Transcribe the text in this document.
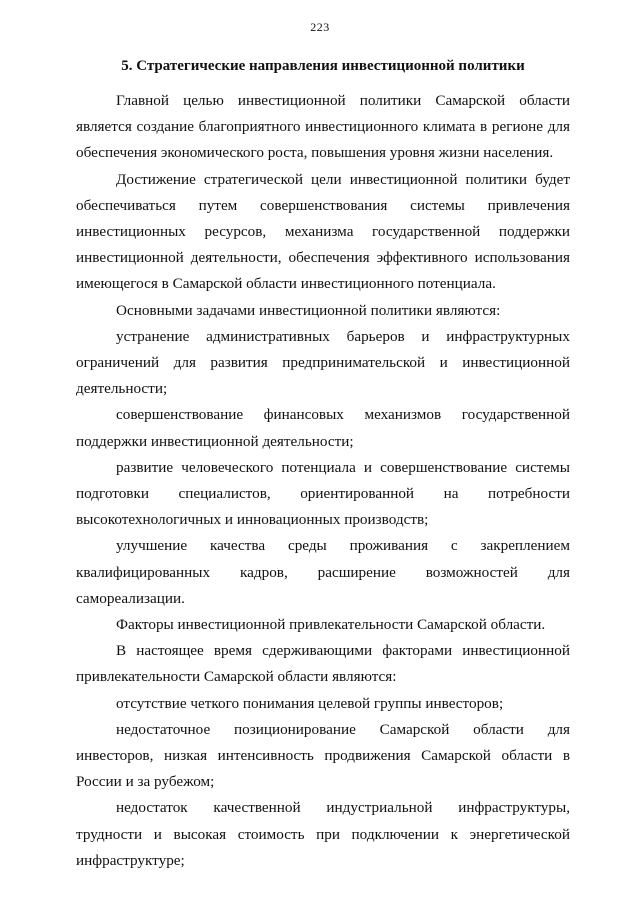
223
5. Стратегические направления инвестиционной политики

Главной целью инвестиционной политики Самарской области является создание благоприятного инвестиционного климата в регионе для обеспечения экономического роста, повышения уровня жизни населения.

Достижение стратегической цели инвестиционной политики будет обеспечиваться путем совершенствования системы привлечения инвестиционных ресурсов, механизма государственной поддержки инвестиционной деятельности, обеспечения эффективного использования имеющегося в Самарской области инвестиционного потенциала.

Основными задачами инвестиционной политики являются:

устранение административных барьеров и инфраструктурных ограничений для развития предпринимательской и инвестиционной деятельности;

совершенствование финансовых механизмов государственной поддержки инвестиционной деятельности;

развитие человеческого потенциала и совершенствование системы подготовки специалистов, ориентированной на потребности высокотехнологичных и инновационных производств;

улучшение качества среды проживания с закреплением квалифицированных кадров, расширение возможностей для самореализации.

Факторы инвестиционной привлекательности Самарской области.

В настоящее время сдерживающими факторами инвестиционной привлекательности Самарской области являются:

отсутствие четкого понимания целевой группы инвесторов;

недостаточное позиционирование Самарской области для инвесторов, низкая интенсивность продвижения Самарской области в России и за рубежом;

недостаток качественной индустриальной инфраструктуры, трудности и высокая стоимость при подключении к энергетической инфраструктуре;
